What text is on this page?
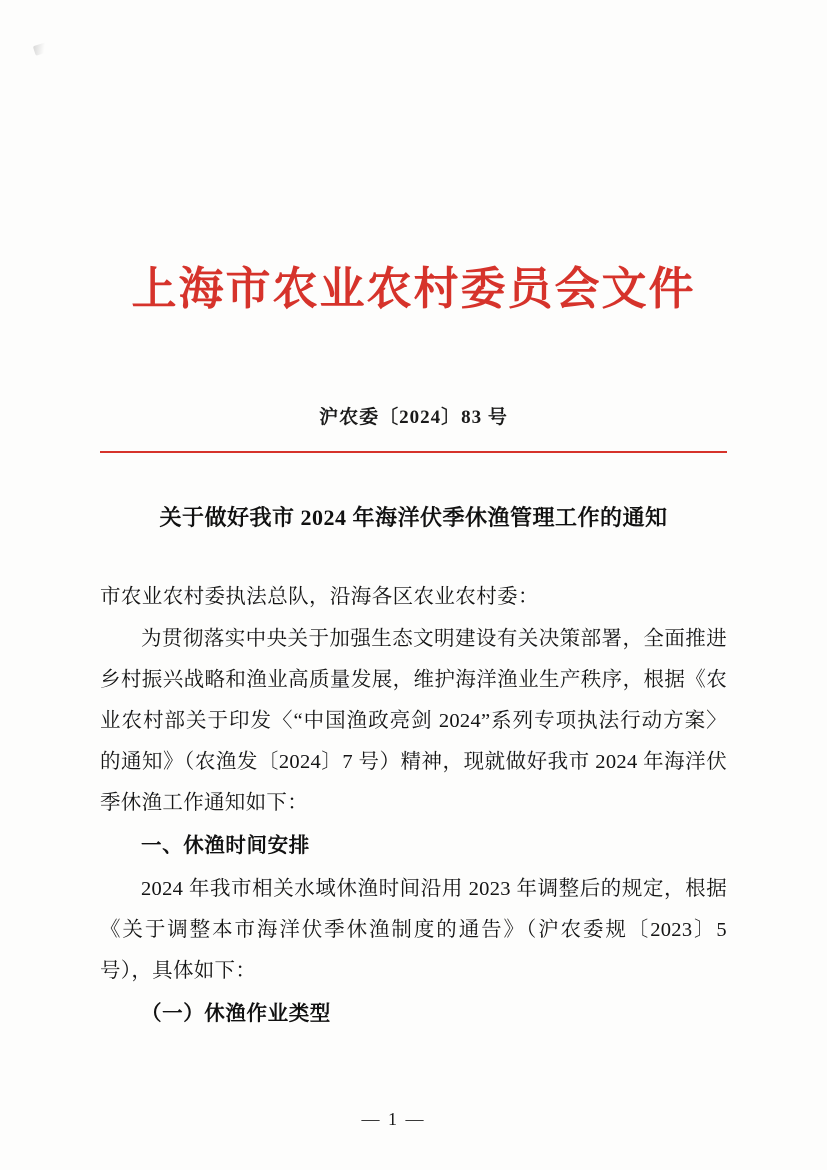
上海市农业农村委员会文件
沪农委〔2024〕83 号
关于做好我市 2024 年海洋伏季休渔管理工作的通知
市农业农村委执法总队，沿海各区农业农村委：
为贯彻落实中央关于加强生态文明建设有关决策部署，全面推进乡村振兴战略和渔业高质量发展，维护海洋渔业生产秩序，根据《农业农村部关于印发〈“中国渔政亮剑 2024”系列专项执法行动方案〉的通知》（农渔发〔2024〕7 号）精神，现就做好我市 2024 年海洋伏季休渔工作通知如下：
一、休渔时间安排
2024 年我市相关水域休渔时间沿用 2023 年调整后的规定，根据《关于调整本市海洋伏季休渔制度的通告》（沪农委规〔2023〕5 号），具体如下：
（一）休渔作业类型
— 1 —
